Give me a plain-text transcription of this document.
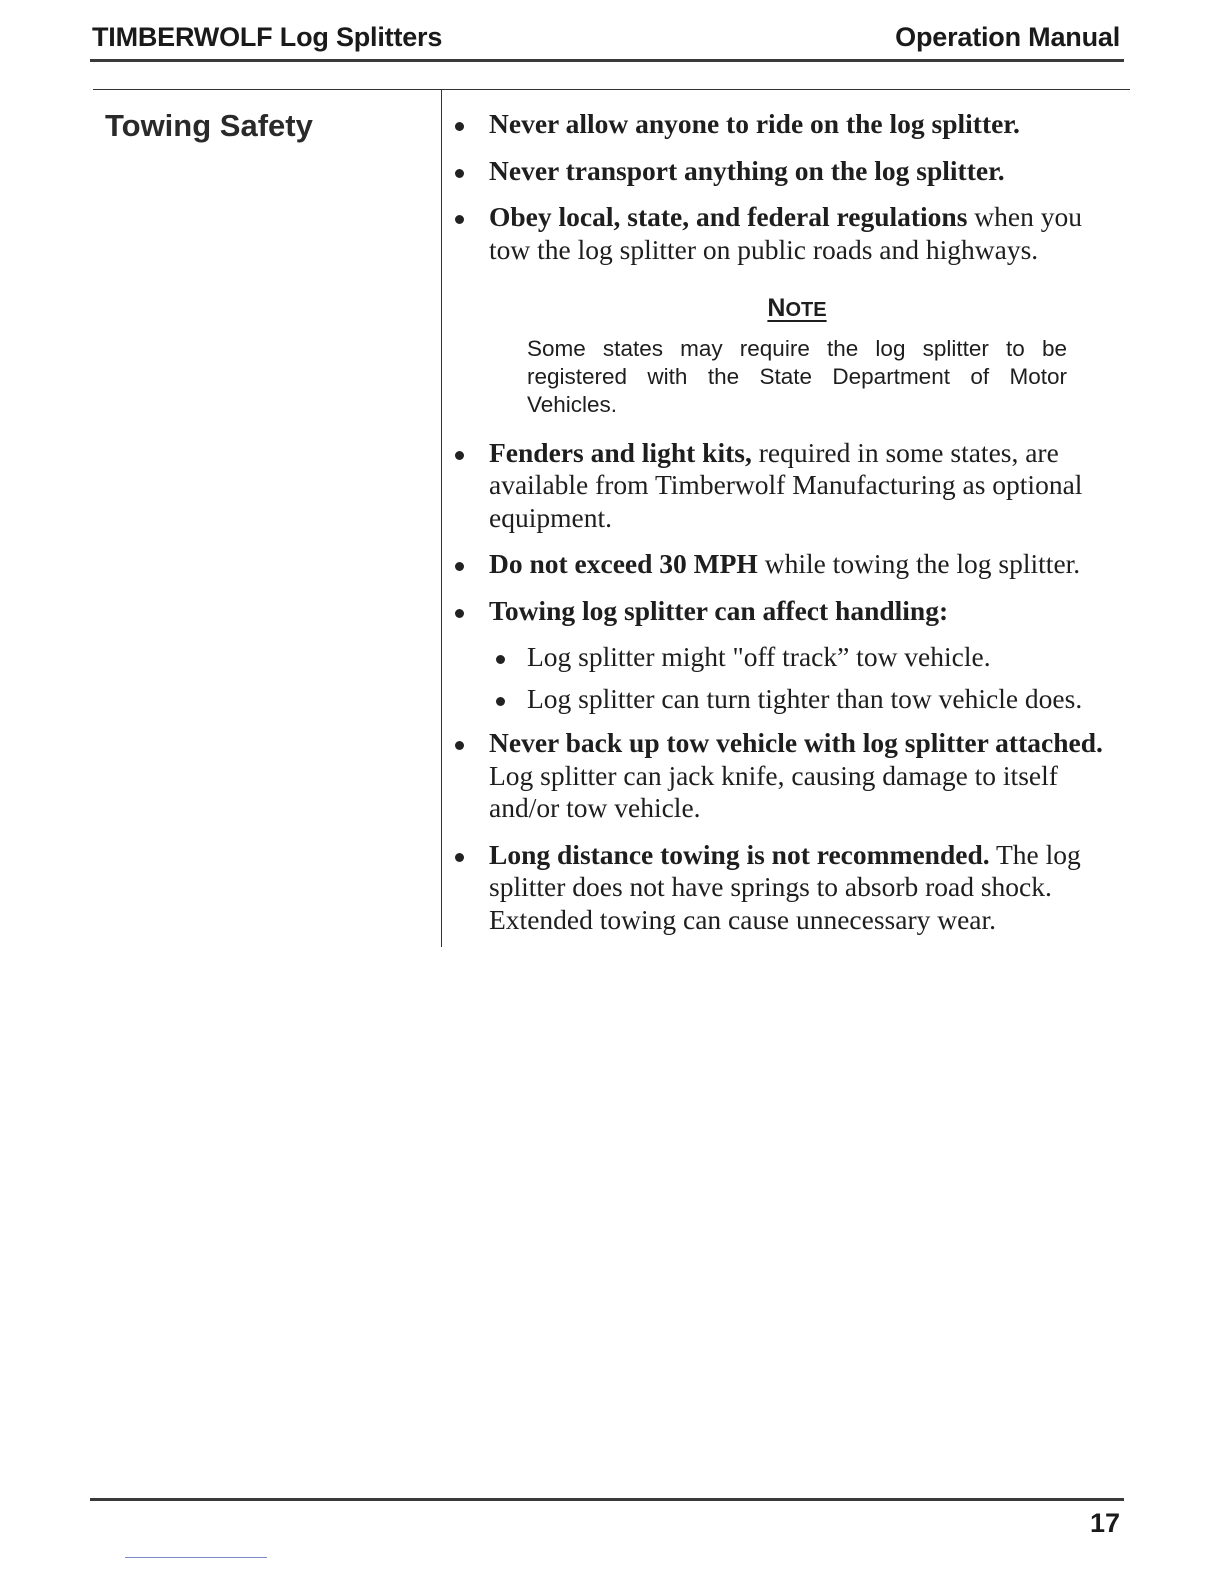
TIMBERWOLF Log Splitters	Operation Manual
Towing Safety	Never allow anyone to ride on the log splitter.
Never transport anything on the log splitter.
Obey local, state, and federal regulations when you tow the log splitter on public roads and highways.
NOTE
Some states may require the log splitter to be registered with the State Department of Motor Vehicles.
Fenders and light kits, required in some states, are available from Timberwolf Manufacturing as optional equipment.
Do not exceed 30 MPH while towing the log splitter.
Towing log splitter can affect handling:
Log splitter might "off track” tow vehicle.
Log splitter can turn tighter than tow vehicle does.
Never back up tow vehicle with log splitter attached. Log splitter can jack knife, causing damage to itself and/or tow vehicle.
Long distance towing is not recommended. The log splitter does not have springs to absorb road shock. Extended towing can cause unnecessary wear.
17
